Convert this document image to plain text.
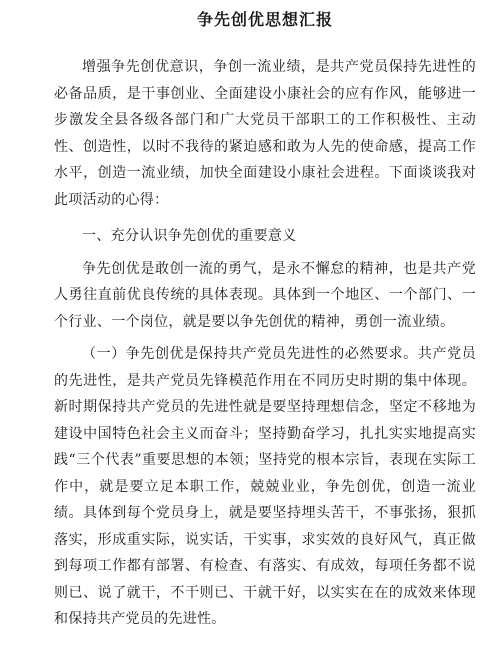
争先创优思想汇报

增强争先创优意识，争创一流业绩，是共产党员保持先进性的必备品质，是干事创业、全面建设小康社会的应有作风，能够进一步激发全县各级各部门和广大党员干部职工的工作积极性、主动性、创造性，以时不我待的紧迫感和敢为人先的使命感，提高工作水平，创造一流业绩，加快全面建设小康社会进程。下面谈谈我对此项活动的心得：

一、充分认识争先创优的重要意义

争先创优是敢创一流的勇气，是永不懈怠的精神，也是共产党人勇往直前优良传统的具体表现。具体到一个地区、一个部门、一个行业、一个岗位，就是要以争先创优的精神，勇创一流业绩。

（一）争先创优是保持共产党员先进性的必然要求。共产党员的先进性，是共产党员先锋模范作用在不同历史时期的集中体现。新时期保持共产党员的先进性就是要坚持理想信念，坚定不移地为建设中国特色社会主义而奋斗；坚持勤奋学习，扎扎实实地提高实践“三个代表”重要思想的本领；坚持党的根本宗旨，表现在实际工作中，就是要立足本职工作，兢兢业业，争先创优，创造一流业绩。具体到每个党员身上，就是要坚持埋头苦干，不事张扬，狠抓落实，形成重实际，说实话，干实事，求实效的良好风气，真正做到每项工作都有部署、有检查、有落实、有成效，每项任务都不说则已、说了就干，不干则已、干就干好，以实实在在的成效来体现和保持共产党员的先进性。
